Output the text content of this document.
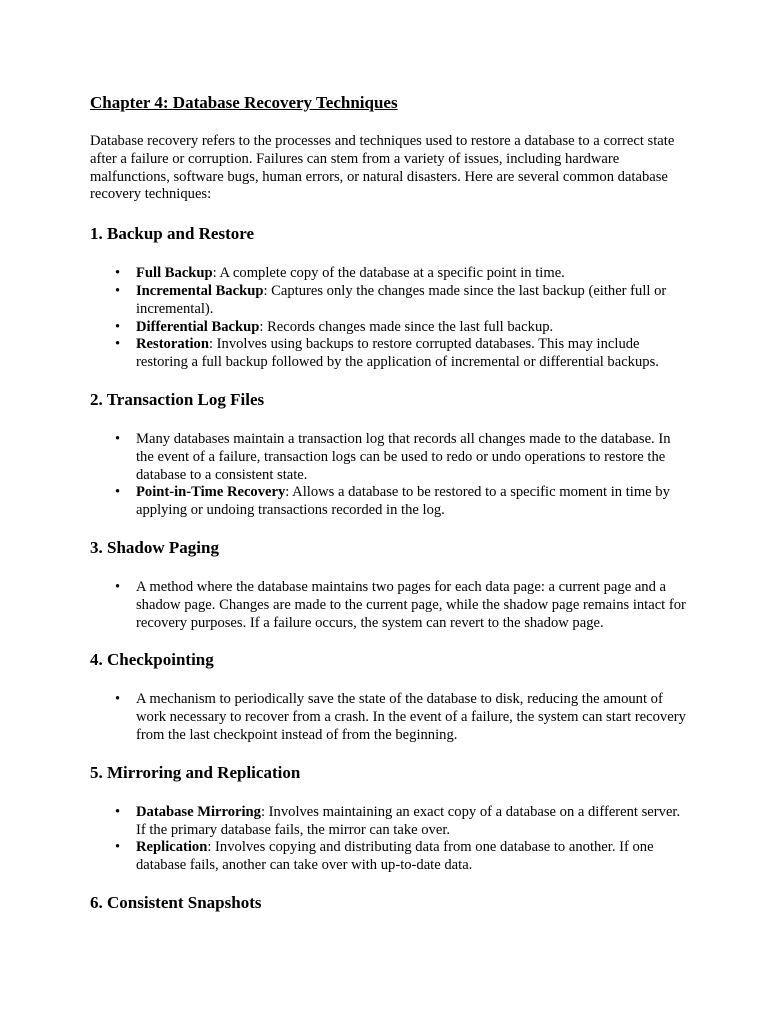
Chapter 4: Database Recovery Techniques

Database recovery refers to the processes and techniques used to restore a database to a correct state after a failure or corruption. Failures can stem from a variety of issues, including hardware malfunctions, software bugs, human errors, or natural disasters. Here are several common database recovery techniques:

1. Backup and Restore
• Full Backup: A complete copy of the database at a specific point in time.
• Incremental Backup: Captures only the changes made since the last backup (either full or incremental).
• Differential Backup: Records changes made since the last full backup.
• Restoration: Involves using backups to restore corrupted databases. This may include restoring a full backup followed by the application of incremental or differential backups.
2. Transaction Log Files
• Many databases maintain a transaction log that records all changes made to the database. In the event of a failure, transaction logs can be used to redo or undo operations to restore the database to a consistent state.
• Point-in-Time Recovery: Allows a database to be restored to a specific moment in time by applying or undoing transactions recorded in the log.
3. Shadow Paging
• A method where the database maintains two pages for each data page: a current page and a shadow page. Changes are made to the current page, while the shadow page remains intact for recovery purposes. If a failure occurs, the system can revert to the shadow page.
4. Checkpointing
• A mechanism to periodically save the state of the database to disk, reducing the amount of work necessary to recover from a crash. In the event of a failure, the system can start recovery from the last checkpoint instead of from the beginning.
5. Mirroring and Replication
• Database Mirroring: Involves maintaining an exact copy of a database on a different server. If the primary database fails, the mirror can take over.
• Replication: Involves copying and distributing data from one database to another. If one database fails, another can take over with up-to-date data.
6. Consistent Snapshots
